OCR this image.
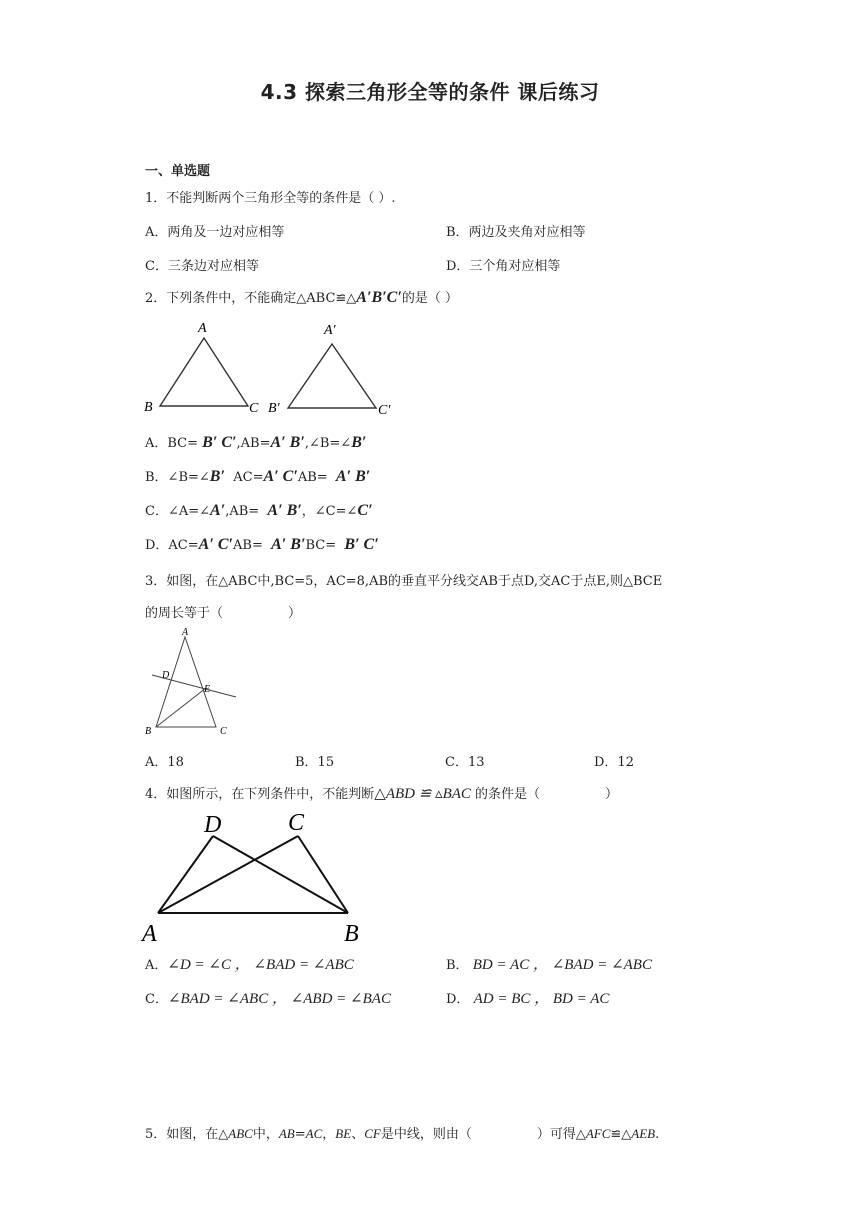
4.3 探索三角形全等的条件 课后练习
一、单选题
1．不能判断两个三角形全等的条件是（ ）.
A．两角及一边对应相等	B．两边及夹角对应相等
C．三条边对应相等	D．三个角对应相等
2．下列条件中，不能确定△ABC≌△A′B′C′的是（ ）
A
B	C
A′
B′	C′
A．BC= B′ C′,AB=A′ B′,∠B=∠B′
B．∠B=∠B′ AC=A′ C′AB= A′ B′
C．∠A=∠A′,AB= A′ B′，∠C=∠C′
D．AC=A′ C′AB= A′ B′BC= B′ C′
3．如图，在△ABC中,BC=5，AC=8,AB的垂直平分线交AB于点D,交AC于点E,则△BCE
的周长等于（　　　　　）
A
D
E
B	C
A．18	B．15	C．13	D．12
4．如图所示，在下列条件中，不能判断△ABD ≌ ▵BAC 的条件是（　　　　　）
D	C
A	B
A．∠D = ∠C ， ∠BAD = ∠ABC	B． BD = AC ， ∠BAD = ∠ABC
C．∠BAD = ∠ABC ， ∠ABD = ∠BAC	D． AD = BC ， BD = AC
5．如图，在△ABC中，AB=AC，BE、CF是中线，则由（　　　　　）可得△AFC≌△AEB.
